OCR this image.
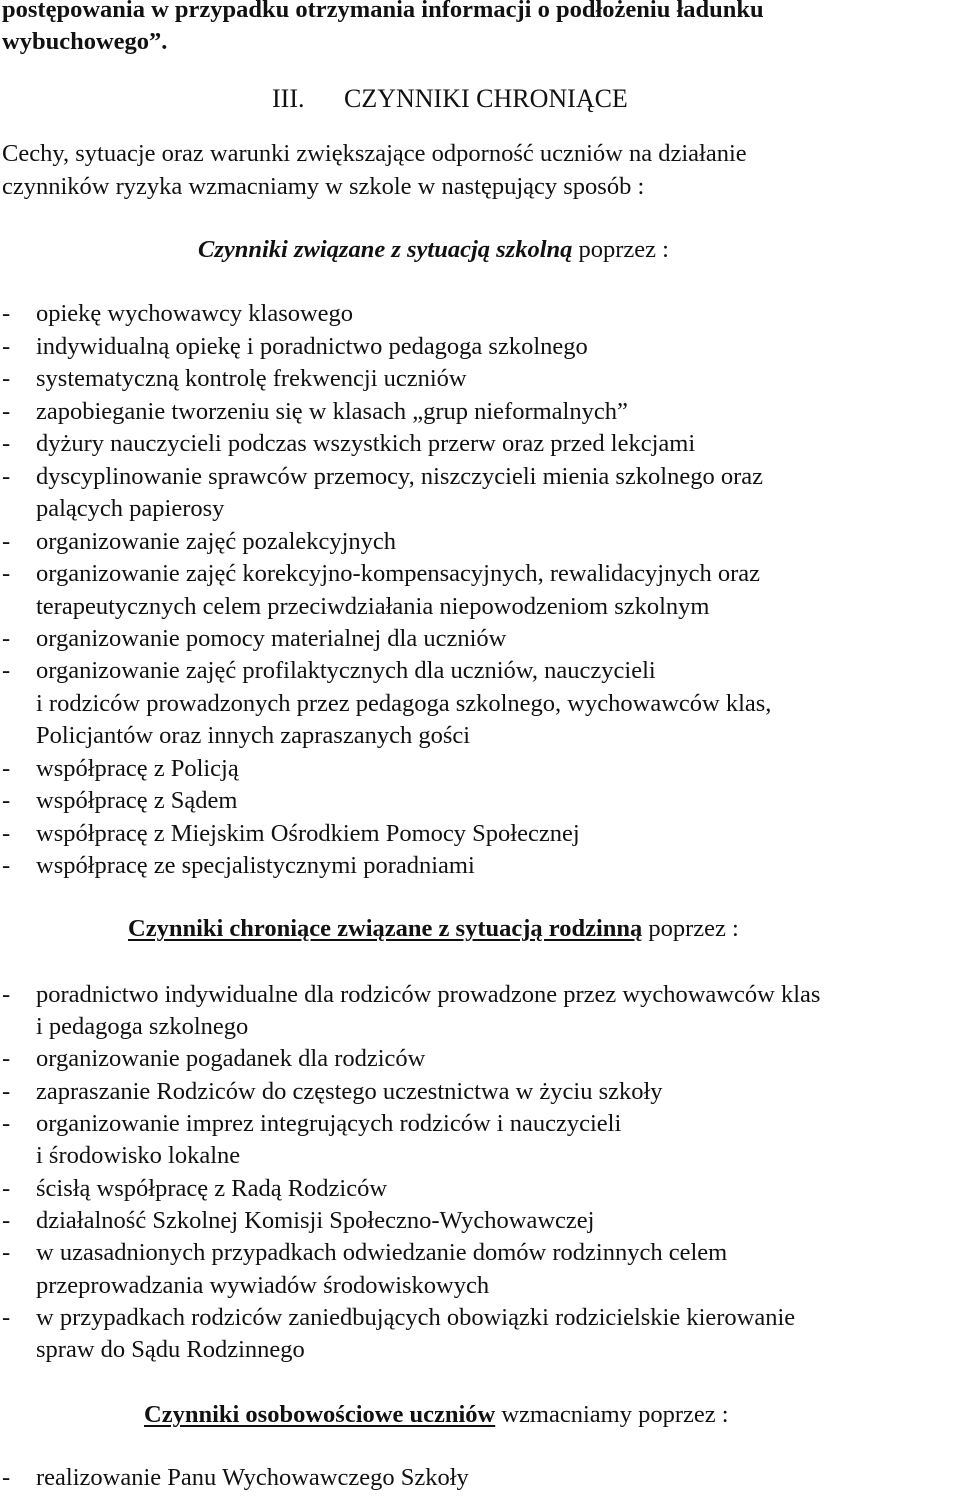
postępowania w przypadku otrzymania informacji o podłożeniu ładunku
wybuchowego”.
III. CZYNNIKI CHRONIĄCE
Cechy, sytuacje oraz warunki zwiększające odporność uczniów na działanie
czynników ryzyka wzmacniamy w szkole w następujący sposób :
Czynniki związane z sytuacją szkolną poprzez :
- opiekę wychowawcy klasowego
- indywidualną opiekę i poradnictwo pedagoga szkolnego
- systematyczną kontrolę frekwencji uczniów
- zapobieganie tworzeniu się w klasach „grup nieformalnych”
- dyżury nauczycieli podczas wszystkich przerw oraz przed lekcjami
- dyscyplinowanie sprawców przemocy, niszczycieli mienia szkolnego oraz
palących papierosy
- organizowanie zajęć pozalekcyjnych
- organizowanie zajęć korekcyjno-kompensacyjnych, rewalidacyjnych oraz
terapeutycznych celem przeciwdziałania niepowodzeniom szkolnym
- organizowanie pomocy materialnej dla uczniów
- organizowanie zajęć profilaktycznych dla uczniów, nauczycieli
i rodziców prowadzonych przez pedagoga szkolnego, wychowawców klas,
Policjantów oraz innych zapraszanych gości
- współpracę z Policją
- współpracę z Sądem
- współpracę z Miejskim Ośrodkiem Pomocy Społecznej
- współpracę ze specjalistycznymi poradniami
Czynniki chroniące związane z sytuacją rodzinną poprzez :
- poradnictwo indywidualne dla rodziców prowadzone przez wychowawców klas
i pedagoga szkolnego
- organizowanie pogadanek dla rodziców
- zapraszanie Rodziców do częstego uczestnictwa w życiu szkoły
- organizowanie imprez integrujących rodziców i nauczycieli
i środowisko lokalne
- ścisłą współpracę z Radą Rodziców
- działalność Szkolnej Komisji Społeczno-Wychowawczej
- w uzasadnionych przypadkach odwiedzanie domów rodzinnych celem
przeprowadzania wywiadów środowiskowych
- w przypadkach rodziców zaniedbujących obowiązki rodzicielskie kierowanie
spraw do Sądu Rodzinnego
Czynniki osobowościowe uczniów wzmacniamy poprzez :
- realizowanie Panu Wychowawczego Szkoły
